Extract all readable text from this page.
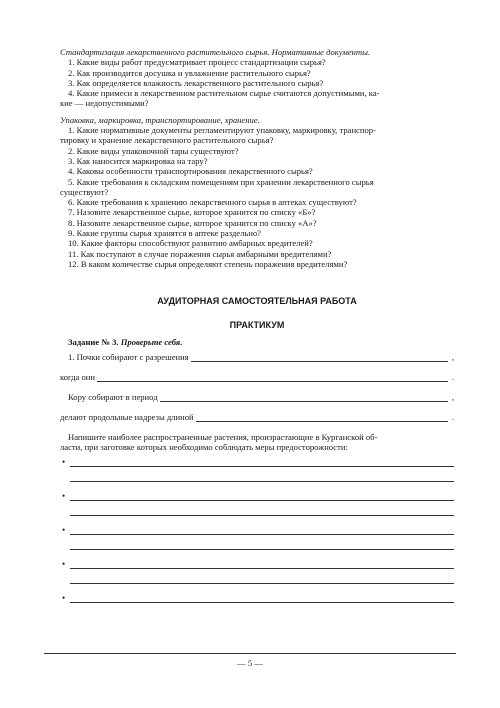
Стандартизация лекарственного растительного сырья. Нормативные документы.
1. Какие виды работ предусматривает процесс стандартизации сырья?
2. Как производится досушка и увлажнение растительного сырья?
3. Как определяется влажность лекарственного растительного сырья?
4. Какие примеси в лекарственном растительном сырье считаются допустимыми, ка-
кие — недопустимыми?
Упаковка, маркировка, транспортирование, хранение.
1. Какие нормативные документы регламентируют упаковку, маркировку, транспор-
тировку и хранение лекарственного растительного сырья?
2. Какие виды упаковочной тары существуют?
3. Как наносится маркировка на тару?
4. Каковы особенности транспортирования лекарственного сырья?
5. Какие требования к складским помещениям при хранении лекарственного сырья
существуют?
6. Какие требования к хранению лекарственного сырья в аптеках существуют?
7. Назовите лекарственное сырье, которое хранится по списку «Б»?
8. Назовите лекарственное сырье, которое хранится по списку «А»?
9. Какие группы сырья хранятся в аптеке раздельно?
10. Какие факторы способствуют развитию амбарных вредителей?
11. Как поступают в случае поражения сырья амбарными вредителями?
12. В каком количестве сырья определяют степень поражения вредителями?
АУДИТОРНАЯ САМОСТОЯТЕЛЬНАЯ РАБОТА
ПРАКТИКУМ
Задание № 3. Проверьте себя.
1. Почки собирают с разрешения	,
когда они	.
Кору собирают в период	,
делают продольные надрезы длиной	.
Напишите наиболее распространенные растения, произрастающие в Курганской об-
ласти, при заготовке которых необходимо соблюдать меры предосторожности:
•
•
•
•
•
— 5 —
